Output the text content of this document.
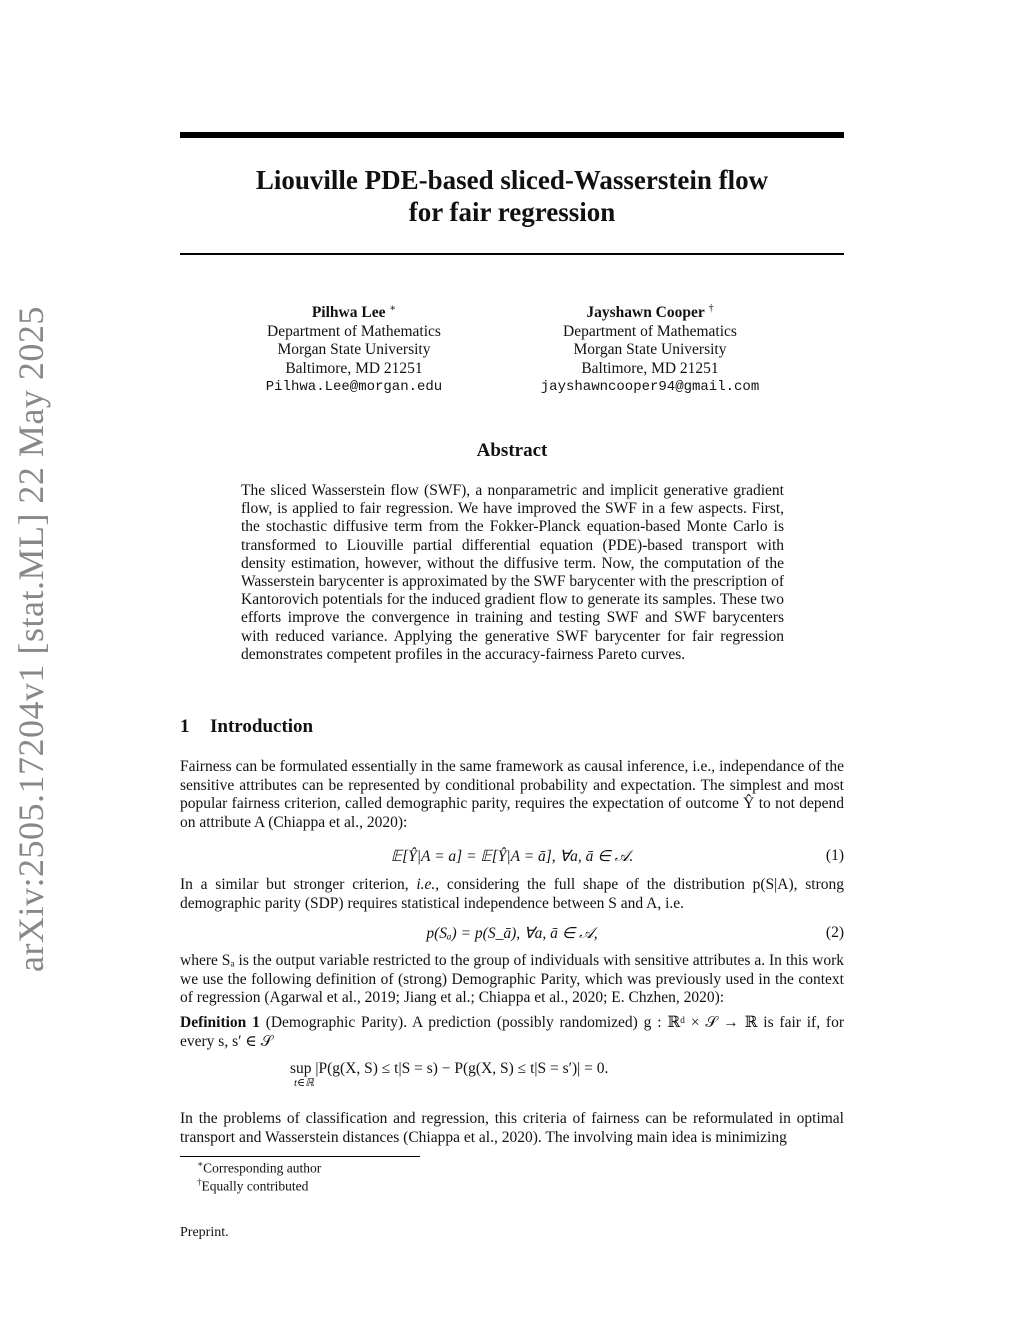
arXiv:2505.17204v1 [stat.ML] 22 May 2025
Liouville PDE-based sliced-Wasserstein flow
for fair regression
Pilhwa Lee ∗
Department of Mathematics
Morgan State University
Baltimore, MD 21251
Pilhwa.Lee@morgan.edu
Jayshawn Cooper †
Department of Mathematics
Morgan State University
Baltimore, MD 21251
jayshawncooper94@gmail.com
Abstract
The sliced Wasserstein flow (SWF), a nonparametric and implicit generative gradient flow, is applied to fair regression. We have improved the SWF in a few aspects. First, the stochastic diffusive term from the Fokker-Planck equation-based Monte Carlo is transformed to Liouville partial differential equation (PDE)-based transport with density estimation, however, without the diffusive term. Now, the computation of the Wasserstein barycenter is approximated by the SWF barycenter with the prescription of Kantorovich potentials for the induced gradient flow to generate its samples. These two efforts improve the convergence in training and testing SWF and SWF barycenters with reduced variance. Applying the generative SWF barycenter for fair regression demonstrates competent profiles in the accuracy-fairness Pareto curves.
1 Introduction
Fairness can be formulated essentially in the same framework as causal inference, i.e., independance of the sensitive attributes can be represented by conditional probability and expectation. The simplest and most popular fairness criterion, called demographic parity, requires the expectation of outcome Ŷ to not depend on attribute A (Chiappa et al., 2020):
𝔼[Ŷ|A = a] = 𝔼[Ŷ|A = ā], ∀a, ā ∈ 𝒜.	(1)
In a similar but stronger criterion, i.e., considering the full shape of the distribution p(S|A), strong demographic parity (SDP) requires statistical independence between S and A, i.e.
p(Sₐ) = p(S_ā), ∀a, ā ∈ 𝒜,	(2)
where Sₐ is the output variable restricted to the group of individuals with sensitive attributes a. In this work we use the following definition of (strong) Demographic Parity, which was previously used in the context of regression (Agarwal et al., 2019; Jiang et al.; Chiappa et al., 2020; E. Chzhen, 2020):
Definition 1 (Demographic Parity). A prediction (possibly randomized) g : ℝᵈ × 𝒮 → ℝ is fair if, for every s, s′ ∈ 𝒮
sup |P(g(X, S) ≤ t|S = s) − P(g(X, S) ≤ t|S = s′)| = 0.
t∈ℝ
In the problems of classification and regression, this criteria of fairness can be reformulated in optimal transport and Wasserstein distances (Chiappa et al., 2020). The involving main idea is minimizing
∗Corresponding author
†Equally contributed
Preprint.
